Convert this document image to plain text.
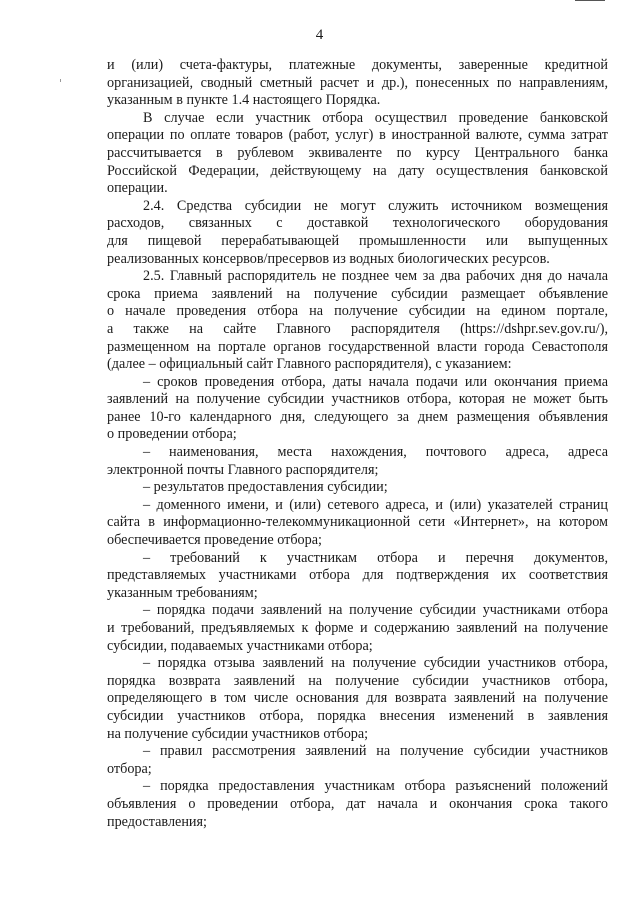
4
и (или) счета-фактуры, платежные документы, заверенные кредитной
организацией, сводный сметный расчет и др.), понесенных по направлениям,
указанным в пункте 1.4 настоящего Порядка.
В случае если участник отбора осуществил проведение банковской
операции по оплате товаров (работ, услуг) в иностранной валюте, сумма затрат
рассчитывается в рублевом эквиваленте по курсу Центрального банка
Российской Федерации, действующему на дату осуществления банковской
операции.
2.4. Средства субсидии не могут служить источником возмещения
расходов, связанных с доставкой технологического оборудования
для пищевой перерабатывающей промышленности или выпущенных
реализованных консервов/пресервов из водных биологических ресурсов.
2.5. Главный распорядитель не позднее чем за два рабочих дня до начала
срока приема заявлений на получение субсидии размещает объявление
о начале проведения отбора на получение субсидии на едином портале,
а также на сайте Главного распорядителя (https://dshpr.sev.gov.ru/),
размещенном на портале органов государственной власти города Севастополя
(далее – официальный сайт Главного распорядителя), с указанием:
– сроков проведения отбора, даты начала подачи или окончания приема
заявлений на получение субсидии участников отбора, которая не может быть
ранее 10-го календарного дня, следующего за днем размещения объявления
о проведении отбора;
– наименования, места нахождения, почтового адреса, адреса
электронной почты Главного распорядителя;
– результатов предоставления субсидии;
– доменного имени, и (или) сетевого адреса, и (или) указателей страниц
сайта в информационно-телекоммуникационной сети «Интернет», на котором
обеспечивается проведение отбора;
– требований к участникам отбора и перечня документов,
представляемых участниками отбора для подтверждения их соответствия
указанным требованиям;
– порядка подачи заявлений на получение субсидии участниками отбора
и требований, предъявляемых к форме и содержанию заявлений на получение
субсидии, подаваемых участниками отбора;
– порядка отзыва заявлений на получение субсидии участников отбора,
порядка возврата заявлений на получение субсидии участников отбора,
определяющего в том числе основания для возврата заявлений на получение
субсидии участников отбора, порядка внесения изменений в заявления
на получение субсидии участников отбора;
– правил рассмотрения заявлений на получение субсидии участников
отбора;
– порядка предоставления участникам отбора разъяснений положений
объявления о проведении отбора, дат начала и окончания срока такого
предоставления;
